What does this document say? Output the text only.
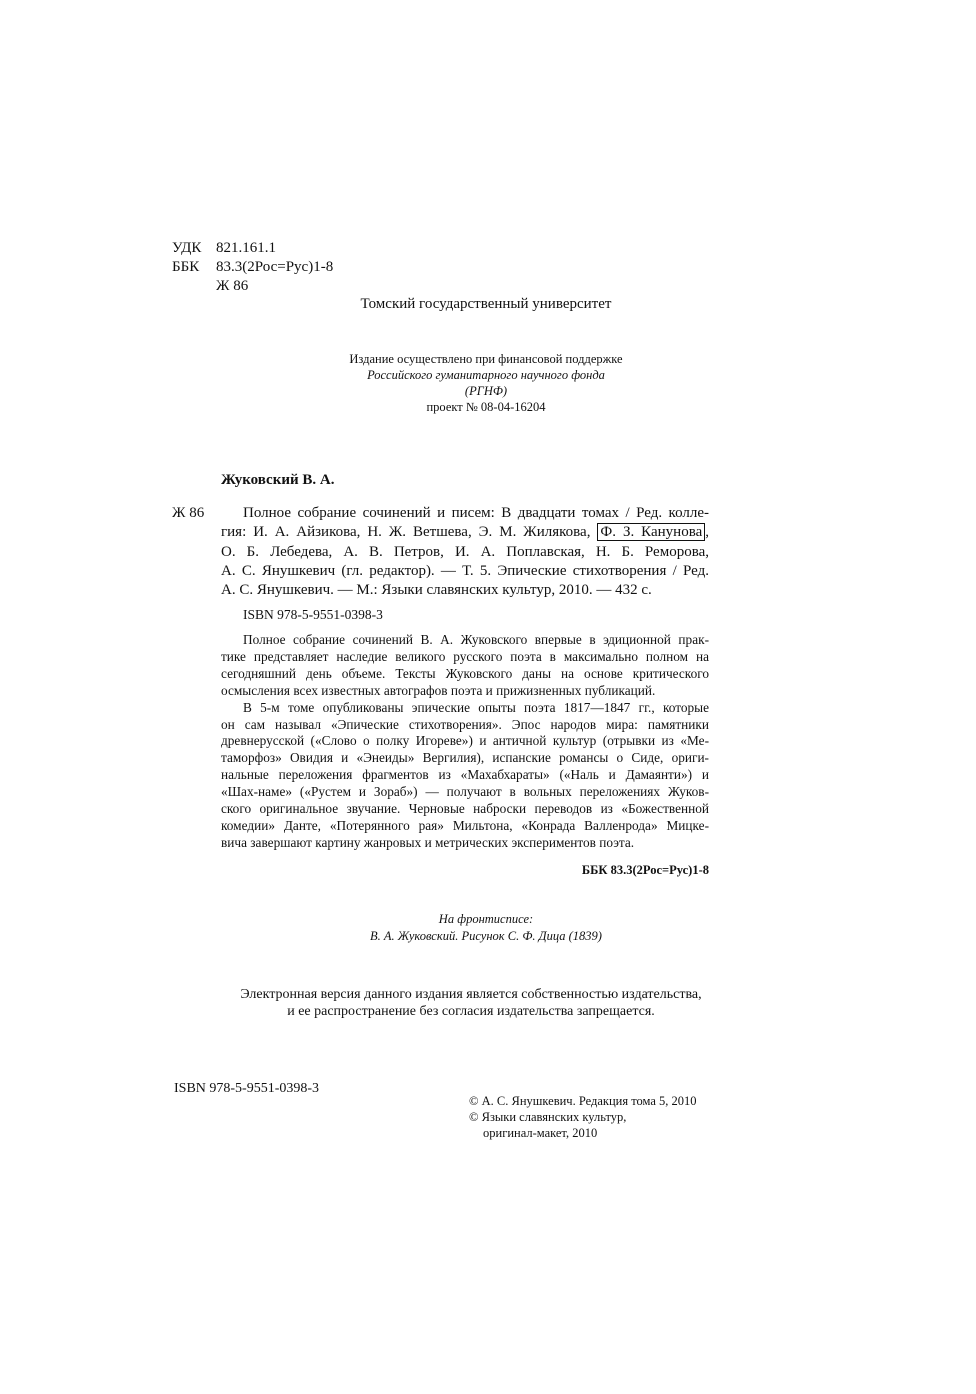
УДК 821.161.1
ББК 83.3(2Рос=Рус)1-8
Ж 86
Томский государственный университет
Издание осуществлено при финансовой поддержке
Российского гуманитарного научного фонда
(РГНФ)
проект № 08-04-16204
Жуковский В. А.
Ж 86	Полное собрание сочинений и писем: В двадцати томах / Ред. колле-
гия: И. А. Айзикова, Н. Ж. Ветшева, Э. М. Жилякова, Ф. З. Канунова ,
О. Б. Лебедева, А. В. Петров, И. А. Поплавская, Н. Б. Реморова,
А. С. Янушкевич (гл. редактор). — Т. 5. Эпические стихотворения / Ред.
А. С. Янушкевич. — М.: Языки славянских культур, 2010. — 432 с.
ISBN 978-5-9551-0398-3

Полное собрание сочинений В. А. Жуковского впервые в эдиционной прак-
тике представляет наследие великого русского поэта в максимально полном на
сегодняшний день объеме. Тексты Жуковского даны на основе критического
осмысления всех известных автографов поэта и прижизненных публикаций.

В 5-м томе опубликованы эпические опыты поэта 1817—1847 гг., которые
он сам называл «Эпические стихотворения». Эпос народов мира: памятники
древнерусской («Слово о полку Игореве») и античной культур (отрывки из «Ме-
таморфоз» Овидия и «Энеиды» Вергилия), испанские романсы о Сиде, ориги-
нальные переложения фрагментов из «Махабхараты» («Наль и Дамаянти») и
«Шах-наме» («Рустем и Зораб») — получают в вольных переложениях Жуков-
ского оригинальное звучание. Черновые наброски переводов из «Божественной
комедии» Данте, «Потерянного рая» Мильтона, «Конрада Валленрода» Мицке-
вича завершают картину жанровых и метрических экспериментов поэта.

ББК 83.3(2Рос=Рус)1-8
На фронтисписе:
В. А. Жуковский. Рисунок С. Ф. Дица (1839)
Электронная версия данного издания является собственностью издательства,
и ее распространение без согласия издательства запрещается.
ISBN 978-5-9551-0398-3
© А. С. Янушкевич. Редакция тома 5, 2010
© Языки славянских культур,
оригинал-макет, 2010
